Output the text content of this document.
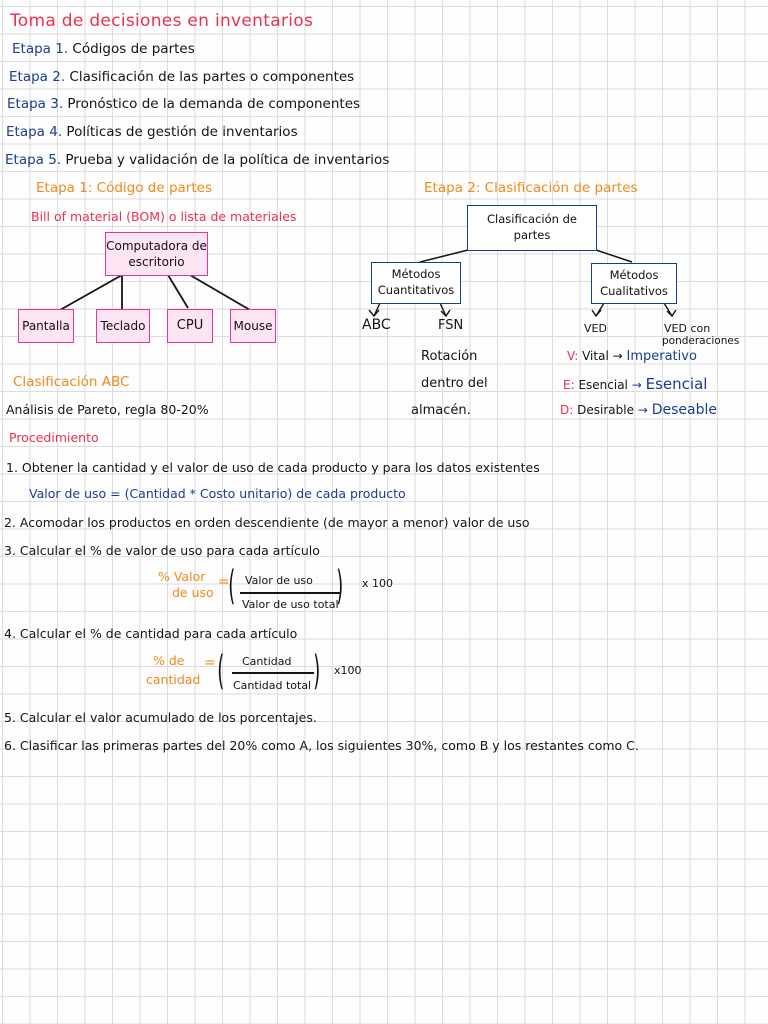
Toma de decisiones en inventarios
Etapa 1. Códigos de partes
Etapa 2. Clasificación de las partes o componentes
Etapa 3. Pronóstico de la demanda de componentes
Etapa 4. Políticas de gestión de inventarios
Etapa 5. Prueba y validación de la política de inventarios
Etapa 1: Código de partes
Bill of material (BOM) o lista de materiales
Computadora de escritorio
Pantalla	Teclado	CPU	Mouse
Etapa 2: Clasificación de partes
Clasificación de partes
Métodos Cuantitativos
Métodos Cualitativos
ABC	FSN
Rotación
dentro del
almacén.
VED	VED con
ponderaciones
V: Vital → Imperativo
E: Esencial → Esencial
D: Desirable → Deseable
Clasificación ABC
Análisis de Pareto, regla 80-20%
Procedimiento
1. Obtener la cantidad y el valor de uso de cada producto y para los datos existentes
Valor de uso = (Cantidad * Costo unitario) de cada producto
2. Acomodar los productos en orden descendiente (de mayor a menor) valor de uso
3. Calcular el % de valor de uso para cada artículo
% Valor
de uso
=
( Valor de uso
Valor de uso total
) x 100
4. Calcular el % de cantidad para cada artículo
% de
cantidad
= ( Cantidad
Cantidad total ) x100
5. Calcular el valor acumulado de los porcentajes.
6. Clasificar las primeras partes del 20% como A, los siguientes 30%, como B y los restantes como C.
